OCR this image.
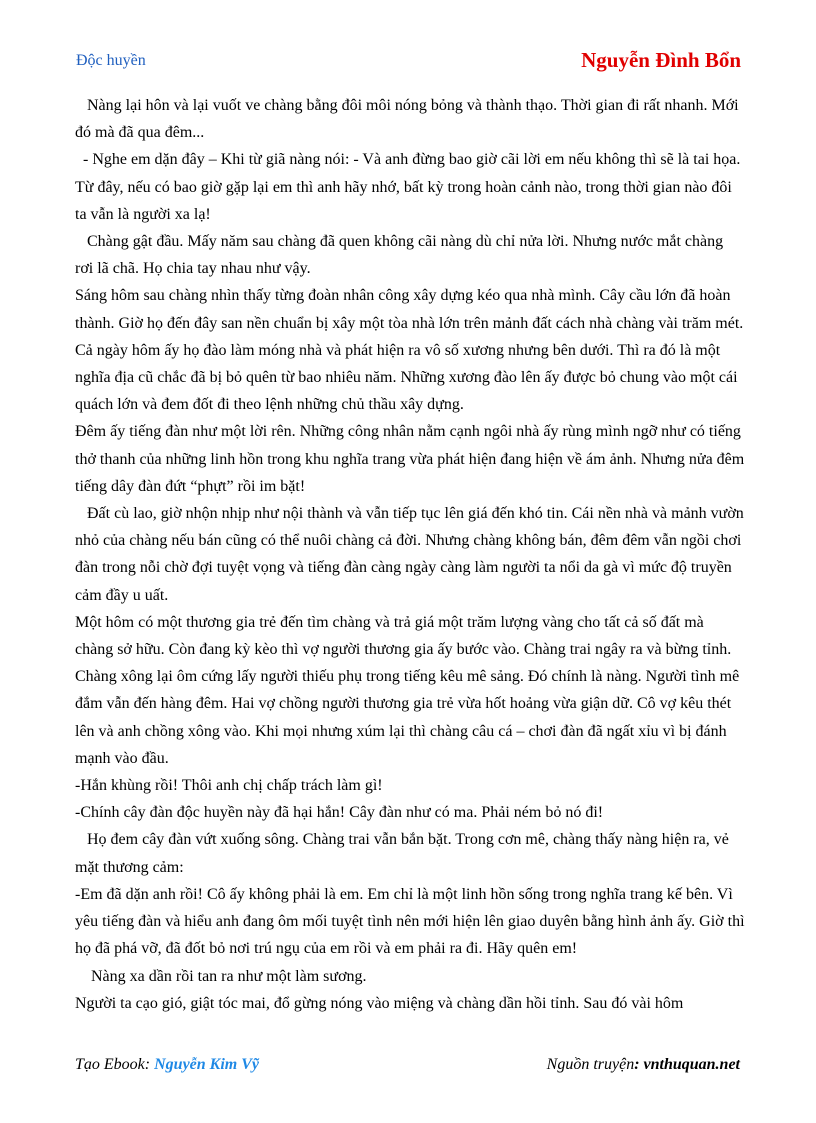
Độc huyền	Nguyễn Đình Bổn

Nàng lại hôn và lại vuốt ve chàng bằng đôi môi nóng bỏng và thành thạo. Thời gian đi rất nhanh. Mới đó mà đã qua đêm...

- Nghe em dặn đây – Khi từ giã nàng nói: - Và anh đừng bao giờ cãi lời em nếu không thì sẽ là tai họa. Từ đây, nếu có bao giờ gặp lại em thì anh hãy nhớ, bất kỳ trong hoàn cảnh nào, trong thời gian nào đôi ta vẫn là người xa lạ!

Chàng gật đầu. Mấy năm sau chàng đã quen không cãi nàng dù chỉ nửa lời. Nhưng nước mắt chàng rơi lã chã. Họ chia tay nhau như vậy.

Sáng hôm sau chàng nhìn thấy từng đoàn nhân công xây dựng kéo qua nhà mình. Cây cầu lớn đã hoàn thành. Giờ họ đến đây san nền chuẩn bị xây một tòa nhà lớn trên mảnh đất cách nhà chàng vài trăm mét. Cả ngày hôm ấy họ đào làm móng nhà và phát hiện ra vô số xương nhưng bên dưới. Thì ra đó là một nghĩa địa cũ chắc đã bị bỏ quên từ bao nhiêu năm. Những xương đào lên ấy được bỏ chung vào một cái quách lớn và đem đốt đi theo lệnh những chủ thầu xây dựng.

Đêm ấy tiếng đàn như một lời rên. Những công nhân nằm cạnh ngôi nhà ấy rùng mình ngỡ như có tiếng thở thanh của những linh hồn trong khu nghĩa trang vừa phát hiện đang hiện về ám ảnh. Nhưng nửa đêm tiếng dây đàn đứt “phựt” rồi im bặt!

Đất cù lao, giờ nhộn nhịp như nội thành và vẫn tiếp tục lên giá đến khó tin. Cái nền nhà và mảnh vườn nhỏ của chàng nếu bán cũng có thể nuôi chàng cả đời. Nhưng chàng không bán, đêm đêm vẫn ngồi chơi đàn trong nỗi chờ đợi tuyệt vọng và tiếng đàn càng ngày càng làm người ta nổi da gà vì mức độ truyền cảm đầy u uất.

Một hôm có một thương gia trẻ đến tìm chàng và trả giá một trăm lượng vàng cho tất cả số đất mà chàng sở hữu. Còn đang kỳ kèo thì vợ người thương gia ấy bước vào. Chàng trai ngây ra và bừng tỉnh. Chàng xông lại ôm cứng lấy người thiếu phụ trong tiếng kêu mê sảng. Đó chính là nàng. Người tình mê đắm vẫn đến hàng đêm. Hai vợ chồng người thương gia trẻ vừa hốt hoảng vừa giận dữ. Cô vợ kêu thét lên và anh chồng xông vào. Khi mọi nhưng xúm lại thì chàng câu cá – chơi đàn đã ngất xỉu vì bị đánh mạnh vào đầu.

-Hắn khùng rồi! Thôi anh chị chấp trách làm gì!

-Chính cây đàn độc huyền này đã hại hắn! Cây đàn như có ma. Phải ném bỏ nó đi!

Họ đem cây đàn vứt xuống sông. Chàng trai vẫn bắn bặt. Trong cơn mê, chàng thấy nàng hiện ra, vẻ mặt thương cảm:

-Em đã dặn anh rồi! Cô ấy không phải là em. Em chỉ là một linh hồn sống trong nghĩa trang kế bên. Vì yêu tiếng đàn và hiểu anh đang ôm mối tuyệt tình nên mới hiện lên giao duyên bằng hình ảnh ấy. Giờ thì họ đã phá vỡ, đã đốt bỏ nơi trú ngụ của em rồi và em phải ra đi. Hãy quên em!

Nàng xa dần rồi tan ra như một làm sương.

Người ta cạo gió, giật tóc mai, đổ gừng nóng vào miệng và chàng dần hồi tỉnh. Sau đó vài hôm

Tạo Ebook: Nguyễn Kim Vỹ	Nguồn truyện: vnthuquan.net
